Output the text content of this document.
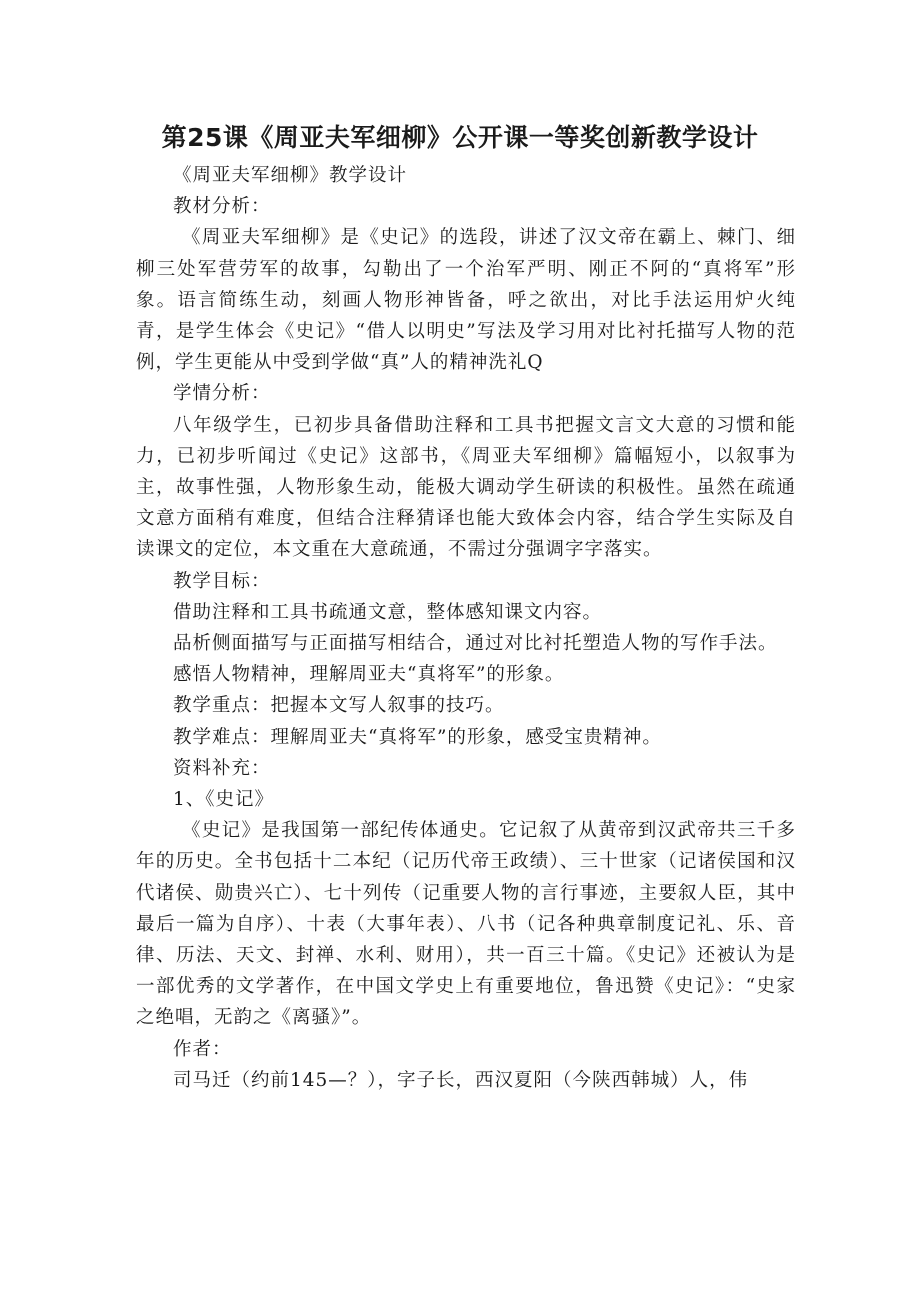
第25课《周亚夫军细柳》公开课一等奖创新教学设计

《周亚夫军细柳》教学设计

教材分析：

《周亚夫军细柳》是《史记》的选段，讲述了汉文帝在霸上、棘门、细柳三处军营劳军的故事，勾勒出了一个治军严明、刚正不阿的“真将军”形象。语言简练生动，刻画人物形神皆备，呼之欲出，对比手法运用炉火纯青，是学生体会《史记》“借人以明史”写法及学习用对比衬托描写人物的范例，学生更能从中受到学做“真”人的精神洗礼Q

学情分析：

八年级学生，已初步具备借助注释和工具书把握文言文大意的习惯和能力，已初步听闻过《史记》这部书，《周亚夫军细柳》篇幅短小，以叙事为主，故事性强，人物形象生动，能极大调动学生研读的积极性。虽然在疏通文意方面稍有难度，但结合注释猜译也能大致体会内容，结合学生实际及自读课文的定位，本文重在大意疏通，不需过分强调字字落实。

教学目标：

借助注释和工具书疏通文意，整体感知课文内容。

品析侧面描写与正面描写相结合，通过对比衬托塑造人物的写作手法。

感悟人物精神，理解周亚夫“真将军”的形象。

教学重点：把握本文写人叙事的技巧。

教学难点：理解周亚夫“真将军”的形象，感受宝贵精神。

资料补充：

1、《史记》

《史记》是我国第一部纪传体通史。它记叙了从黄帝到汉武帝共三千多年的历史。全书包括十二本纪（记历代帝王政绩）、三十世家（记诸侯国和汉代诸侯、勋贵兴亡）、七十列传（记重要人物的言行事迹，主要叙人臣，其中最后一篇为自序）、十表（大事年表）、八书（记各种典章制度记礼、乐、音律、历法、天文、封禅、水利、财用），共一百三十篇。《史记》还被认为是一部优秀的文学著作，在中国文学史上有重要地位，鲁迅赞《史记》：“史家之绝唱，无韵之《离骚》”。

作者：

司马迁（约前145—？），字子长，西汉夏阳（今陕西韩城）人，伟
